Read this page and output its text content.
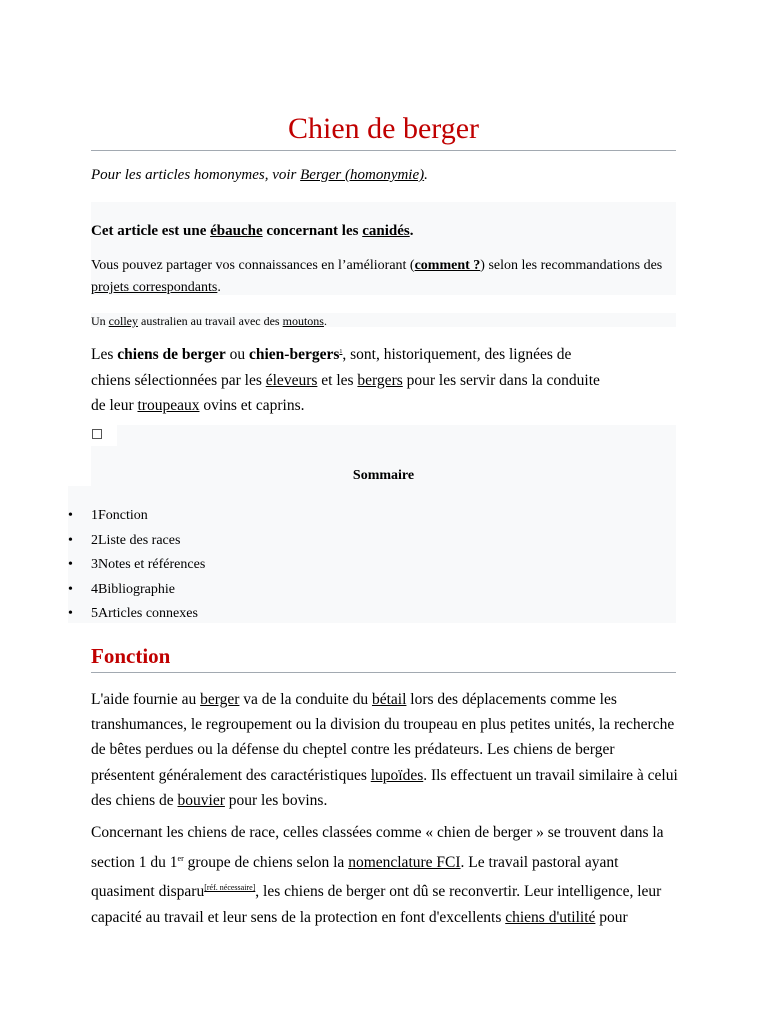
Chien de berger
Pour les articles homonymes, voir Berger (homonymie).
Cet article est une ébauche concernant les canidés.
Vous pouvez partager vos connaissances en l’améliorant (comment ?) selon les recommandations des projets correspondants.
Un colley australien au travail avec des moutons.

Les chiens de berger ou chien-bergers$^1$, sont, historiquement, des lignées de chiens sélectionnées par les éleveurs et les bergers pour les servir dans la conduite de leur troupeaux ovins et caprins.

Sommaire
• 1Fonction
• 2Liste des races
• 3Notes et références
• 4Bibliographie
• 5Articles connexes
Fonction

L'aide fournie au berger va de la conduite du bétail lors des déplacements comme les transhumances, le regroupement ou la division du troupeau en plus petites unités, la recherche de bêtes perdues ou la défense du cheptel contre les prédateurs. Les chiens de berger présentent généralement des caractéristiques lupoïdes. Ils effectuent un travail similaire à celui des chiens de bouvier pour les bovins.

Concernant les chiens de race, celles classées comme « chien de berger » se trouvent dans la section 1 du 1er groupe de chiens selon la nomenclature FCI. Le travail pastoral ayant quasiment disparu[réf. nécessaire], les chiens de berger ont dû se reconvertir. Leur intelligence, leur capacité au travail et leur sens de la protection en font d'excellents chiens d'utilité pour
